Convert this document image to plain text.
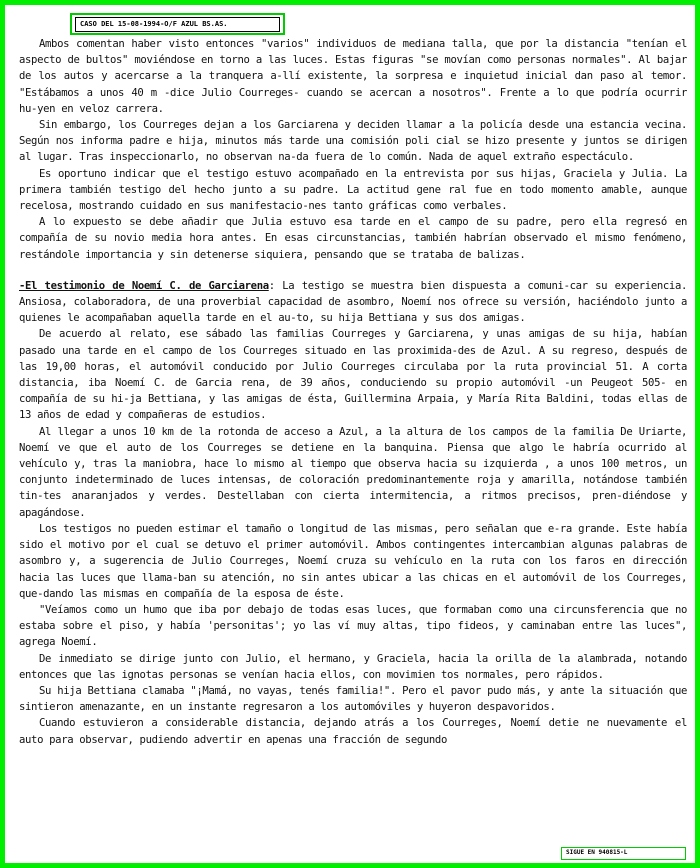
CASO DEL 15-08-1994-O/F AZUL BS.AS.

Ambos comentan haber visto entonces "varios" individuos de mediana talla, que por la distancia "tenían el aspecto de bultos" moviéndose en torno a las luces. Estas figuras "se movían como personas normales". Al bajar de los autos y acercarse a la tranquera a-llí existente, la sorpresa e inquietud inicial dan paso al temor. "Estábamos a unos 40 m -dice Julio Courreges- cuando se acercan a nosotros". Frente a lo que podría ocurrir hu-yen en veloz carrera.

Sin embargo, los Courreges dejan a los Garciarena y deciden llamar a la policía desde una estancia vecina. Según nos informa padre e hija, minutos más tarde una comisión poli cial se hizo presente y juntos se dirigen al lugar. Tras inspeccionarlo, no observan na-da fuera de lo común. Nada de aquel extraño espectáculo.

Es oportuno indicar que el testigo estuvo acompañado en la entrevista por sus hijas, Graciela y Julia. La primera también testigo del hecho junto a su padre. La actitud gene ral fue en todo momento amable, aunque recelosa, mostrando cuidado en sus manifestacio-nes tanto gráficas como verbales.

A lo expuesto se debe añadir que Julia estuvo esa tarde en el campo de su padre, pero ella regresó en compañía de su novio media hora antes. En esas circunstancias, también habrían observado el mismo fenómeno, restándole importancia y sin detenerse siquiera, pensando que se trataba de balizas.

-El testimonio de Noemí C. de Garciarena: La testigo se muestra bien dispuesta a comuni-car su experiencia. Ansiosa, colaboradora, de una proverbial capacidad de asombro, Noemí nos ofrece su versión, haciéndolo junto a quienes le acompañaban aquella tarde en el au-to, su hija Bettiana y sus dos amigas.

De acuerdo al relato, ese sábado las familias Courreges y Garciarena, y unas amigas de su hija, habían pasado una tarde en el campo de los Courreges situado en las proximida-des de Azul. A su regreso, después de las 19,00 horas, el automóvil conducido por Julio Courreges circulaba por la ruta provincial 51. A corta distancia, iba Noemí C. de Garcia rena, de 39 años, conduciendo su propio automóvil -un Peugeot 505- en compañía de su hi-ja Bettiana, y las amigas de ésta, Guillermina Arpaia, y María Rita Baldini, todas ellas de 13 años de edad y compañeras de estudios.

Al llegar a unos 10 km de la rotonda de acceso a Azul, a la altura de los campos de la familia De Uriarte, Noemí ve que el auto de los Courreges se detiene en la banquina. Piensa que algo le habría ocurrido al vehículo y, tras la maniobra, hace lo mismo al tiempo que observa hacia su izquierda , a unos 100 metros, un conjunto indeterminado de luces intensas, de coloración predominantemente roja y amarilla, notándose también tin-tes anaranjados y verdes. Destellaban con cierta intermitencia, a ritmos precisos, pren-diéndose y apagándose.

Los testigos no pueden estimar el tamaño o longitud de las mismas, pero señalan que e-ra grande. Este había sido el motivo por el cual se detuvo el primer automóvil. Ambos contingentes intercambian algunas palabras de asombro y, a sugerencia de Julio Courreges, Noemí cruza su vehículo en la ruta con los faros en dirección hacia las luces que llama-ban su atención, no sin antes ubicar a las chicas en el automóvil de los Courreges, que-dando las mismas en compañía de la esposa de éste.

"Veíamos como un humo que iba por debajo de todas esas luces, que formaban como una circunsferencia que no estaba sobre el piso, y había 'personitas'; yo las ví muy altas, tipo fideos, y caminaban entre las luces", agrega Noemí.

De inmediato se dirige junto con Julio, el hermano, y Graciela, hacia la orilla de la alambrada, notando entonces que las ignotas personas se venían hacia ellos, con movimien tos normales, pero rápidos.

Su hija Bettiana clamaba "¡Mamá, no vayas, tenés familia!". Pero el pavor pudo más, y ante la situación que sintieron amenazante, en un instante regresaron a los automóviles y huyeron despavoridos.

Cuando estuvieron a considerable distancia, dejando atrás a los Courreges, Noemí detie ne nuevamente el auto para observar, pudiendo advertir en apenas una fracción de segundo

SIGUE EN 940815-L
